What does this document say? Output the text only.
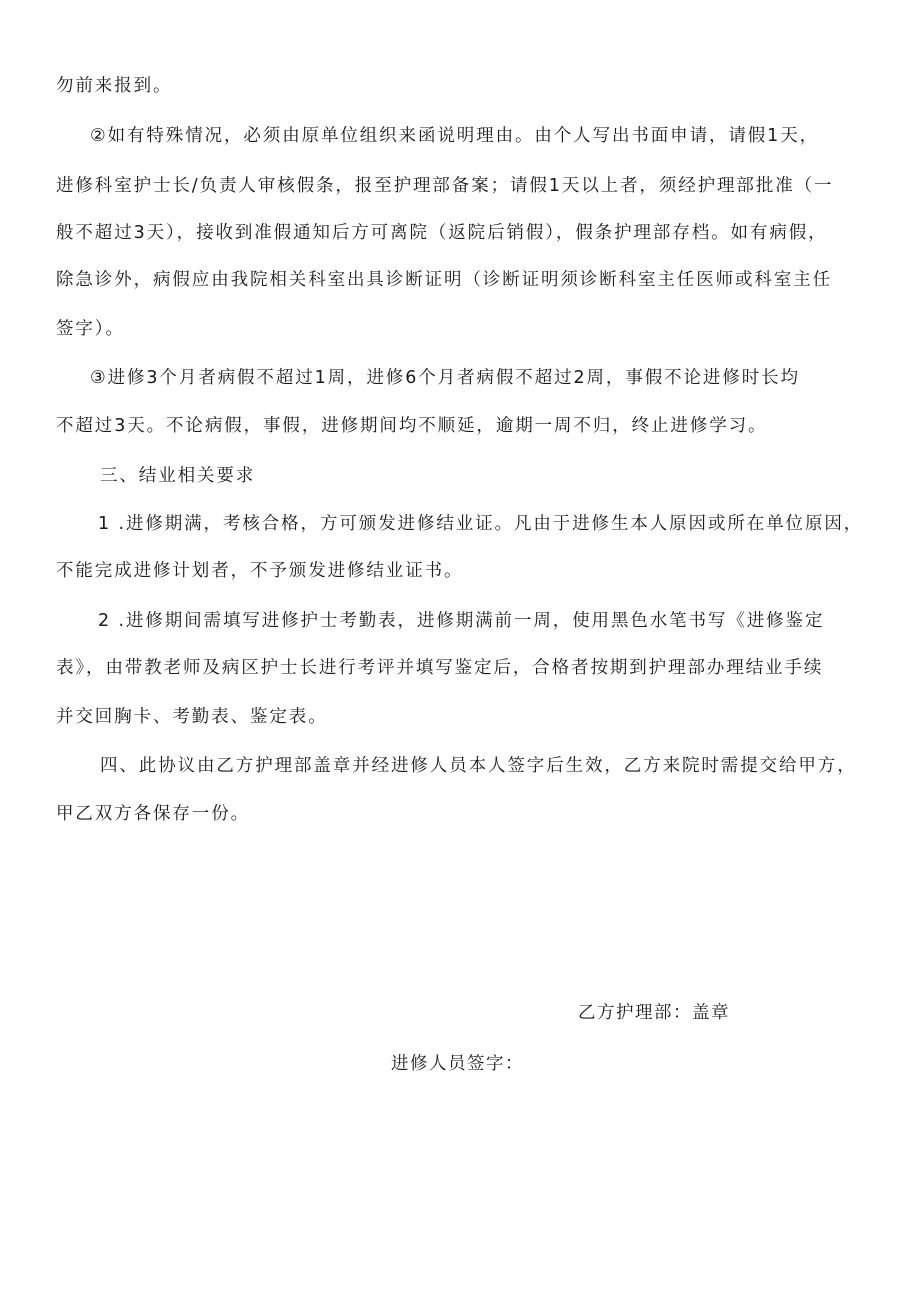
勿前来报到。
②如有特殊情况，必须由原单位组织来函说明理由。由个人写出书面申请，请假1天，
进修科室护士长/负责人审核假条，报至护理部备案；请假1天以上者，须经护理部批准（一
般不超过3天），接收到准假通知后方可离院（返院后销假），假条护理部存档。如有病假，
除急诊外，病假应由我院相关科室出具诊断证明（诊断证明须诊断科室主任医师或科室主任
签字）。
③进修3个月者病假不超过1周，进修6个月者病假不超过2周，事假不论进修时长均
不超过3天。不论病假，事假，进修期间均不顺延，逾期一周不归，终止进修学习。
三、结业相关要求
1 .进修期满，考核合格，方可颁发进修结业证。凡由于进修生本人原因或所在单位原因，
不能完成进修计划者，不予颁发进修结业证书。
2 .进修期间需填写进修护士考勤表，进修期满前一周，使用黑色水笔书写《进修鉴定
表》，由带教老师及病区护士长进行考评并填写鉴定后，合格者按期到护理部办理结业手续
并交回胸卡、考勤表、鉴定表。
四、此协议由乙方护理部盖章并经进修人员本人签字后生效，乙方来院时需提交给甲方，
甲乙双方各保存一份。
乙方护理部：盖章
进修人员签字：
